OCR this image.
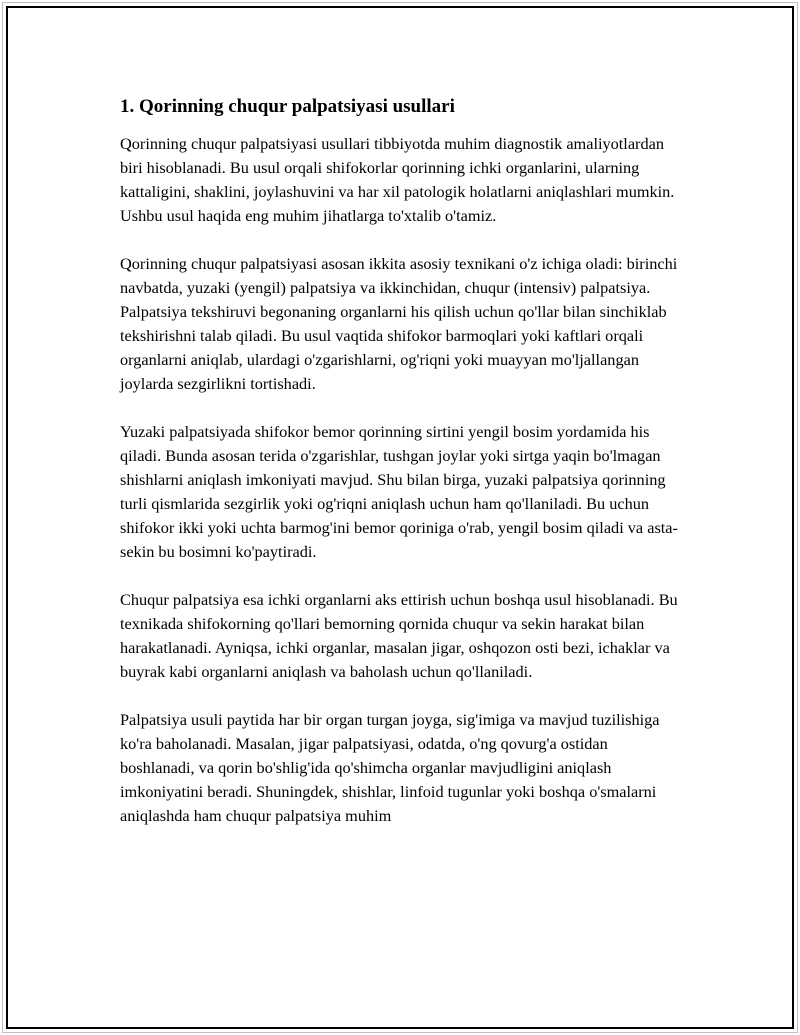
1. Qorinning chuqur palpatsiyasi usullari

Qorinning chuqur palpatsiyasi usullari tibbiyotda muhim diagnostik amaliyotlardan biri hisoblanadi. Bu usul orqali shifokorlar qorinning ichki organlarini, ularning kattaligini, shaklini, joylashuvini va har xil patologik holatlarni aniqlashlari mumkin. Ushbu usul haqida eng muhim jihatlarga to'xtalib o'tamiz.

Qorinning chuqur palpatsiyasi asosan ikkita asosiy texnikani o'z ichiga oladi: birinchi navbatda, yuzaki (yengil) palpatsiya va ikkinchidan, chuqur (intensiv) palpatsiya. Palpatsiya tekshiruvi begonaning organlarni his qilish uchun qo'llar bilan sinchiklab tekshirishni talab qiladi. Bu usul vaqtida shifokor barmoqlari yoki kaftlari orqali organlarni aniqlab, ulardagi o'zgarishlarni, og'riqni yoki muayyan mo'ljallangan joylarda sezgirlikni tortishadi.

Yuzaki palpatsiyada shifokor bemor qorinning sirtini yengil bosim yordamida his qiladi. Bunda asosan terida o'zgarishlar, tushgan joylar yoki sirtga yaqin bo'lmagan shishlarni aniqlash imkoniyati mavjud. Shu bilan birga, yuzaki palpatsiya qorinning turli qismlarida sezgirlik yoki og'riqni aniqlash uchun ham qo'llaniladi. Bu uchun shifokor ikki yoki uchta barmog'ini bemor qoriniga o'rab, yengil bosim qiladi va asta-sekin bu bosimni ko'paytiradi.

Chuqur palpatsiya esa ichki organlarni aks ettirish uchun boshqa usul hisoblanadi. Bu texnikada shifokorning qo'llari bemorning qornida chuqur va sekin harakat bilan harakatlanadi. Ayniqsa, ichki organlar, masalan jigar, oshqozon osti bezi, ichaklar va buyrak kabi organlarni aniqlash va baholash uchun qo'llaniladi.

Palpatsiya usuli paytida har bir organ turgan joyga, sig'imiga va mavjud tuzilishiga ko'ra baholanadi. Masalan, jigar palpatsiyasi, odatda, o'ng qovurg'a ostidan boshlanadi, va qorin bo'shlig'ida qo'shimcha organlar mavjudligini aniqlash imkoniyatini beradi. Shuningdek, shishlar, linfoid tugunlar yoki boshqa o'smalarni aniqlashda ham chuqur palpatsiya muhim
